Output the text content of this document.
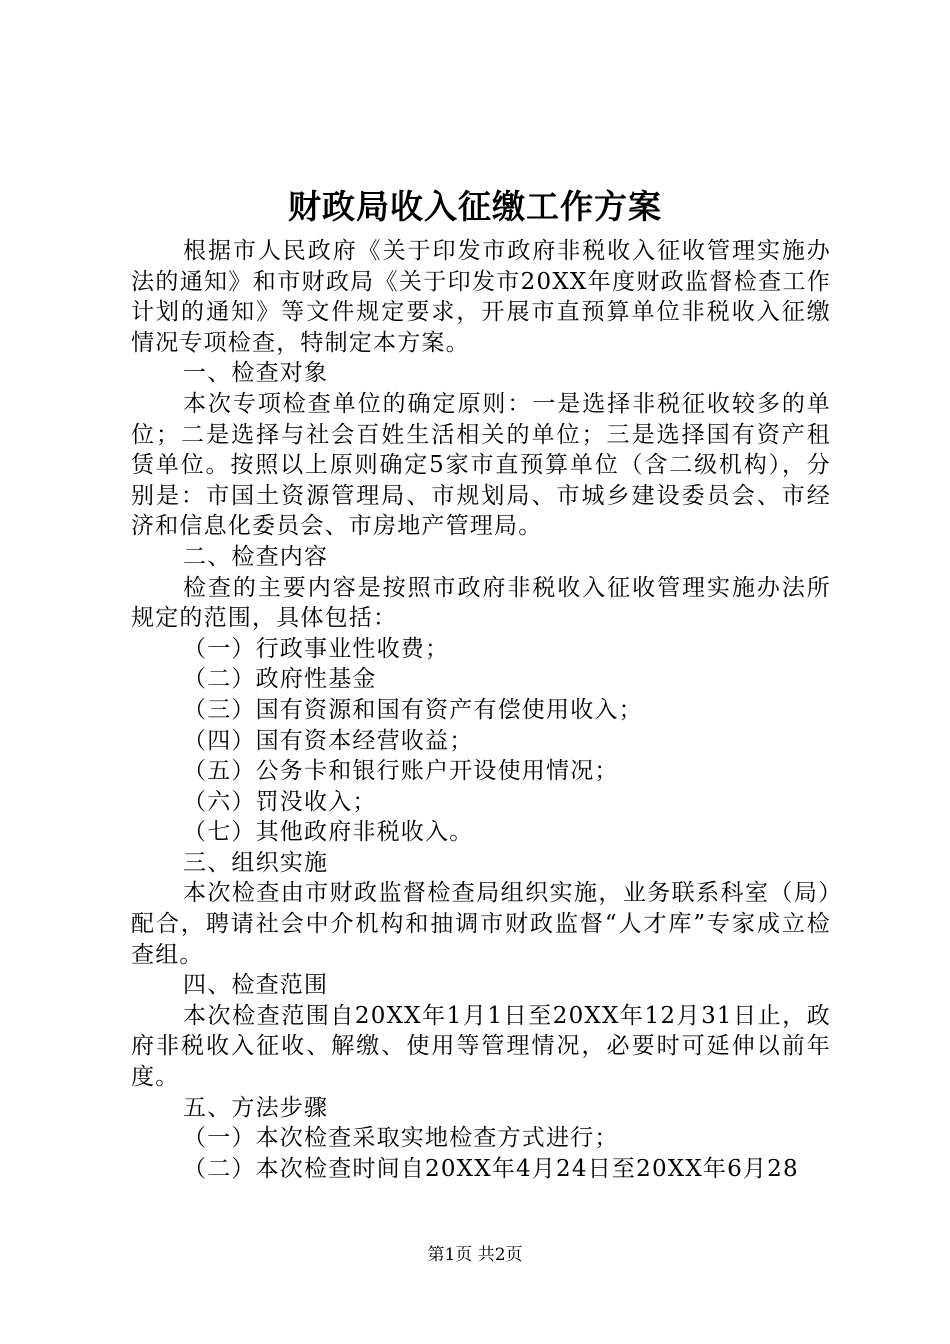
财政局收入征缴工作方案

根据市人民政府《关于印发市政府非税收入征收管理实施办法的通知》和市财政局《关于印发市20XX年度财政监督检查工作计划的通知》等文件规定要求，开展市直预算单位非税收入征缴情况专项检查，特制定本方案。

一、检查对象

本次专项检查单位的确定原则：一是选择非税征收较多的单位；二是选择与社会百姓生活相关的单位；三是选择国有资产租赁单位。按照以上原则确定5家市直预算单位（含二级机构），分别是：市国土资源管理局、市规划局、市城乡建设委员会、市经济和信息化委员会、市房地产管理局。

二、检查内容

检查的主要内容是按照市政府非税收入征收管理实施办法所规定的范围，具体包括：

（一）行政事业性收费；

（二）政府性基金

（三）国有资源和国有资产有偿使用收入；

（四）国有资本经营收益；

（五）公务卡和银行账户开设使用情况；

（六）罚没收入；

（七）其他政府非税收入。

三、组织实施

本次检查由市财政监督检查局组织实施，业务联系科室（局）配合，聘请社会中介机构和抽调市财政监督“人才库”专家成立检查组。

四、检查范围

本次检查范围自20XX年1月1日至20XX年12月31日止，政府非税收入征收、解缴、使用等管理情况，必要时可延伸以前年度。

五、方法步骤

（一）本次检查采取实地检查方式进行；

（二）本次检查时间自20XX年4月24日至20XX年6月28

第1页 共2页
